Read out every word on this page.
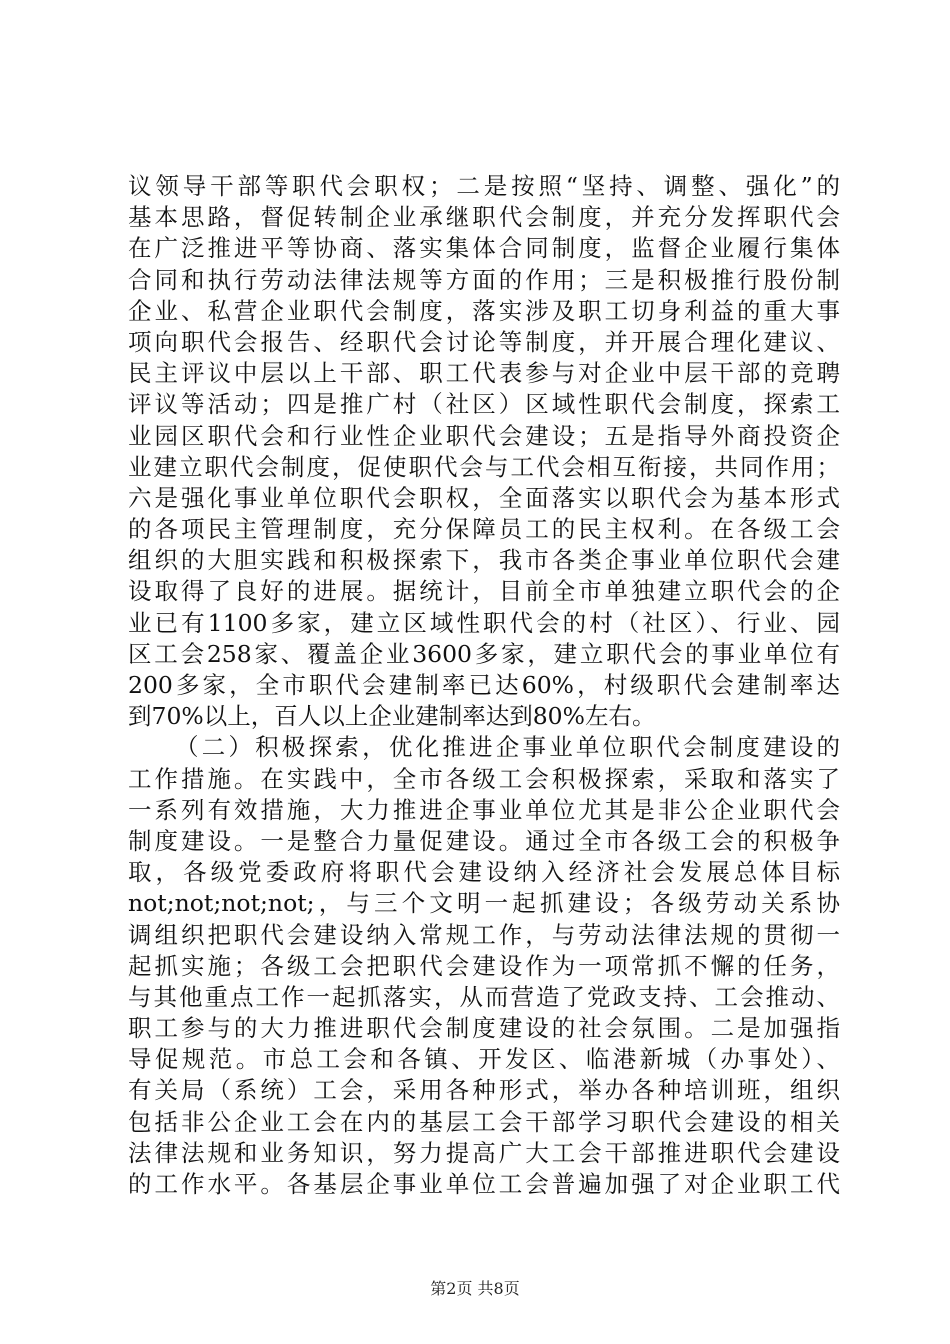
议领导干部等职代会职权；二是按照“坚持、调整、强化”的
基本思路，督促转制企业承继职代会制度，并充分发挥职代会
在广泛推进平等协商、落实集体合同制度，监督企业履行集体
合同和执行劳动法律法规等方面的作用；三是积极推行股份制
企业、私营企业职代会制度，落实涉及职工切身利益的重大事
项向职代会报告、经职代会讨论等制度，并开展合理化建议、
民主评议中层以上干部、职工代表参与对企业中层干部的竞聘
评议等活动；四是推广村（社区）区域性职代会制度，探索工
业园区职代会和行业性企业职代会建设；五是指导外商投资企
业建立职代会制度，促使职代会与工代会相互衔接，共同作用；
六是强化事业单位职代会职权，全面落实以职代会为基本形式
的各项民主管理制度，充分保障员工的民主权利。在各级工会
组织的大胆实践和积极探索下，我市各类企事业单位职代会建
设取得了良好的进展。据统计，目前全市单独建立职代会的企
业已有1100多家，建立区域性职代会的村（社区）、行业、园
区工会258家、覆盖企业3600多家，建立职代会的事业单位有
200多家，全市职代会建制率已达60%，村级职代会建制率达
到70%以上，百人以上企业建制率达到80%左右。
（二）积极探索，优化推进企事业单位职代会制度建设的
工作措施。在实践中，全市各级工会积极探索，采取和落实了
一系列有效措施，大力推进企事业单位尤其是非公企业职代会
制度建设。一是整合力量促建设。通过全市各级工会的积极争
取，各级党委政府将职代会建设纳入经济社会发展总体目标
not;not;not;not;，与三个文明一起抓建设；各级劳动关系协
调组织把职代会建设纳入常规工作，与劳动法律法规的贯彻一
起抓实施；各级工会把职代会建设作为一项常抓不懈的任务，
与其他重点工作一起抓落实，从而营造了党政支持、工会推动、
职工参与的大力推进职代会制度建设的社会氛围。二是加强指
导促规范。市总工会和各镇、开发区、临港新城（办事处）、
有关局（系统）工会，采用各种形式，举办各种培训班，组织
包括非公企业工会在内的基层工会干部学习职代会建设的相关
法律法规和业务知识，努力提高广大工会干部推进职代会建设
的工作水平。各基层企事业单位工会普遍加强了对企业职工代
第2页 共8页
